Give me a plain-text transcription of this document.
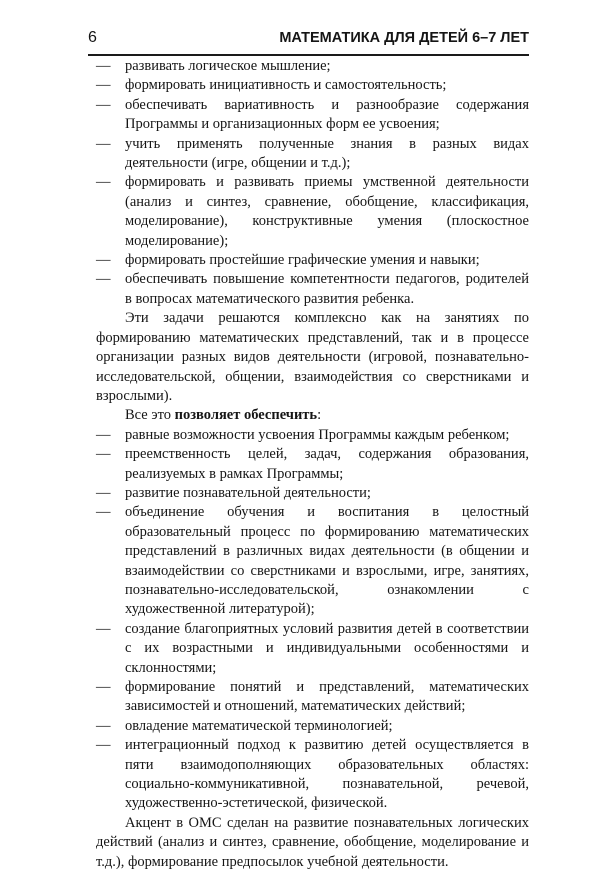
6	МАТЕМАТИКА ДЛЯ ДЕТЕЙ 6–7 ЛЕТ
— развивать логическое мышление;
— формировать инициативность и самостоятельность;
— обеспечивать вариативность и разнообразие содержания Программы и организационных форм ее усвоения;
— учить применять полученные знания в разных видах деятельности (игре, общении и т.д.);
— формировать и развивать приемы умственной деятельности (анализ и синтез, сравнение, обобщение, классификация, моделирование), конструктивные умения (плоскостное моделирование);
— формировать простейшие графические умения и навыки;
— обеспечивать повышение компетентности педагогов, родителей в вопросах математического развития ребенка.

Эти задачи решаются комплексно как на занятиях по формированию математических представлений, так и в процессе организации разных видов деятельности (игровой, познавательно-исследовательской, общении, взаимодействия со сверстниками и взрослыми).

Все это позволяет обеспечить:

— равные возможности усвоения Программы каждым ребенком;
— преемственность целей, задач, содержания образования, реализуемых в рамках Программы;
— развитие познавательной деятельности;
— объединение обучения и воспитания в целостный образовательный процесс по формированию математических представлений в различных видах деятельности (в общении и взаимодействии со сверстниками и взрослыми, игре, занятиях, познавательно-исследовательской, ознакомлении с художественной литературой);
— создание благоприятных условий развития детей в соответствии с их возрастными и индивидуальными особенностями и склонностями;
— формирование понятий и представлений, математических зависимостей и отношений, математических действий;
— овладение математической терминологией;
— интеграционный подход к развитию детей осуществляется в пяти взаимодополняющих образовательных областях: социально-коммуникативной, познавательной, речевой, художественно-эстетической, физической.

Акцент в ОМС сделан на развитие познавательных логических действий (анализ и синтез, сравнение, обобщение, моделирование и т.д.), формирование предпосылок учебной деятельности.
